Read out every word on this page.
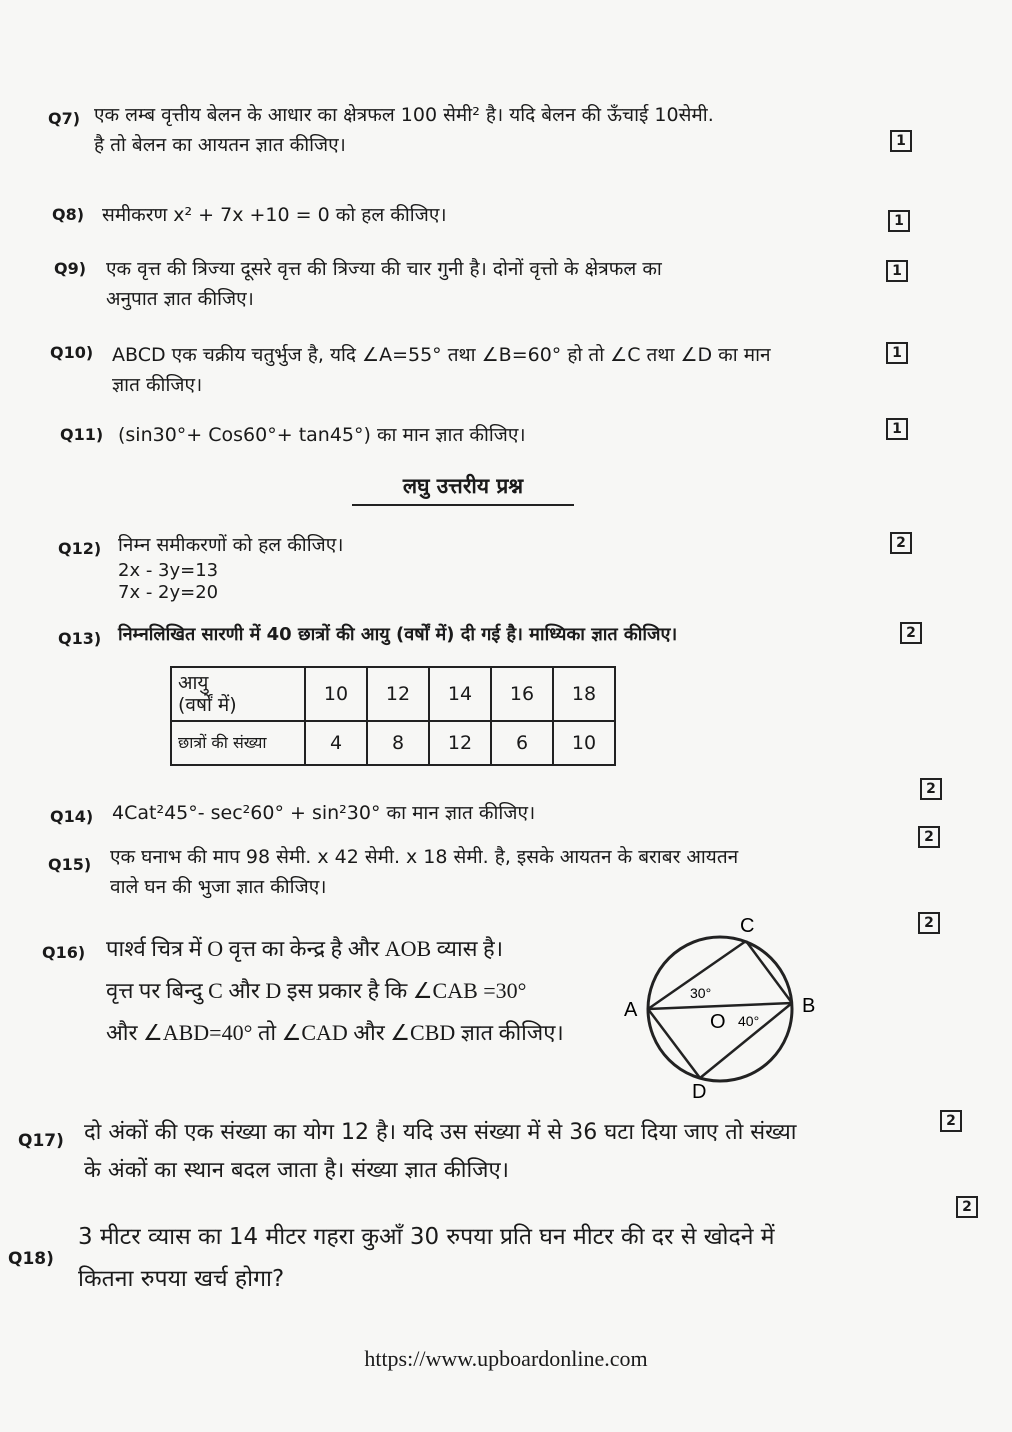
Q7) एक लम्ब वृत्तीय बेलन के आधार का क्षेत्रफल 100 सेमी² है। यदि बेलन की ऊँचाई 10सेमी.
है तो बेलन का आयतन ज्ञात कीजिए।	1
Q8) समीकरण x² + 7x +10 = 0 को हल कीजिए।	1
Q9) एक वृत्त की त्रिज्या दूसरे वृत्त की त्रिज्या की चार गुनी है। दोनों वृत्तो के क्षेत्रफल का
अनुपात ज्ञात कीजिए।
1
Q10) ABCD एक चक्रीय चतुर्भुज है, यदि ∠A=55° तथा ∠B=60° हो तो ∠C तथा ∠D का मान
ज्ञात कीजिए।
1
Q11) (sin30°+ Cos60°+ tan45°) का मान ज्ञात कीजिए।	1
लघु उत्तरीय प्रश्न
Q12) निम्न समीकरणों को हल कीजिए।
2x - 3y=13
7x - 2y=20
2
Q13) निम्नलिखित सारणी में 40 छात्रों की आयु (वर्षों में) दी गई है। माध्यिका ज्ञात कीजिए।	2
आयु
(वर्षों में)	10	12	14	16	18
छात्रों की संख्या	4	8	12	6	10
Q14) 4Cat²45°- sec²60° + sin²30° का मान ज्ञात कीजिए।
2
Q15) एक घनाभ की माप 98 सेमी. x 42 सेमी. x 18 सेमी. है, इसके आयतन के बराबर आयतन
वाले घन की भुजा ज्ञात कीजिए।
2
Q16) पार्श्व चित्र में O वृत्त का केन्द्र है और AOB व्यास है।
वृत्त पर बिन्दु C और D इस प्रकार है कि ∠CAB =30°
और ∠ABD=40° तो ∠CAD और ∠CBD ज्ञात कीजिए।
2
C
A	B
D
O
30°
40°
Q17) दो अंकों की एक संख्या का योग 12 है। यदि उस संख्या में से 36 घटा दिया जाए तो संख्या
के अंकों का स्थान बदल जाता है। संख्या ज्ञात कीजिए।
2
Q18)
3 मीटर व्यास का 14 मीटर गहरा कुआँ 30 रुपया प्रति घन मीटर की दर से खोदने में
कितना रुपया खर्च होगा?
2
https://www.upboardonline.com
